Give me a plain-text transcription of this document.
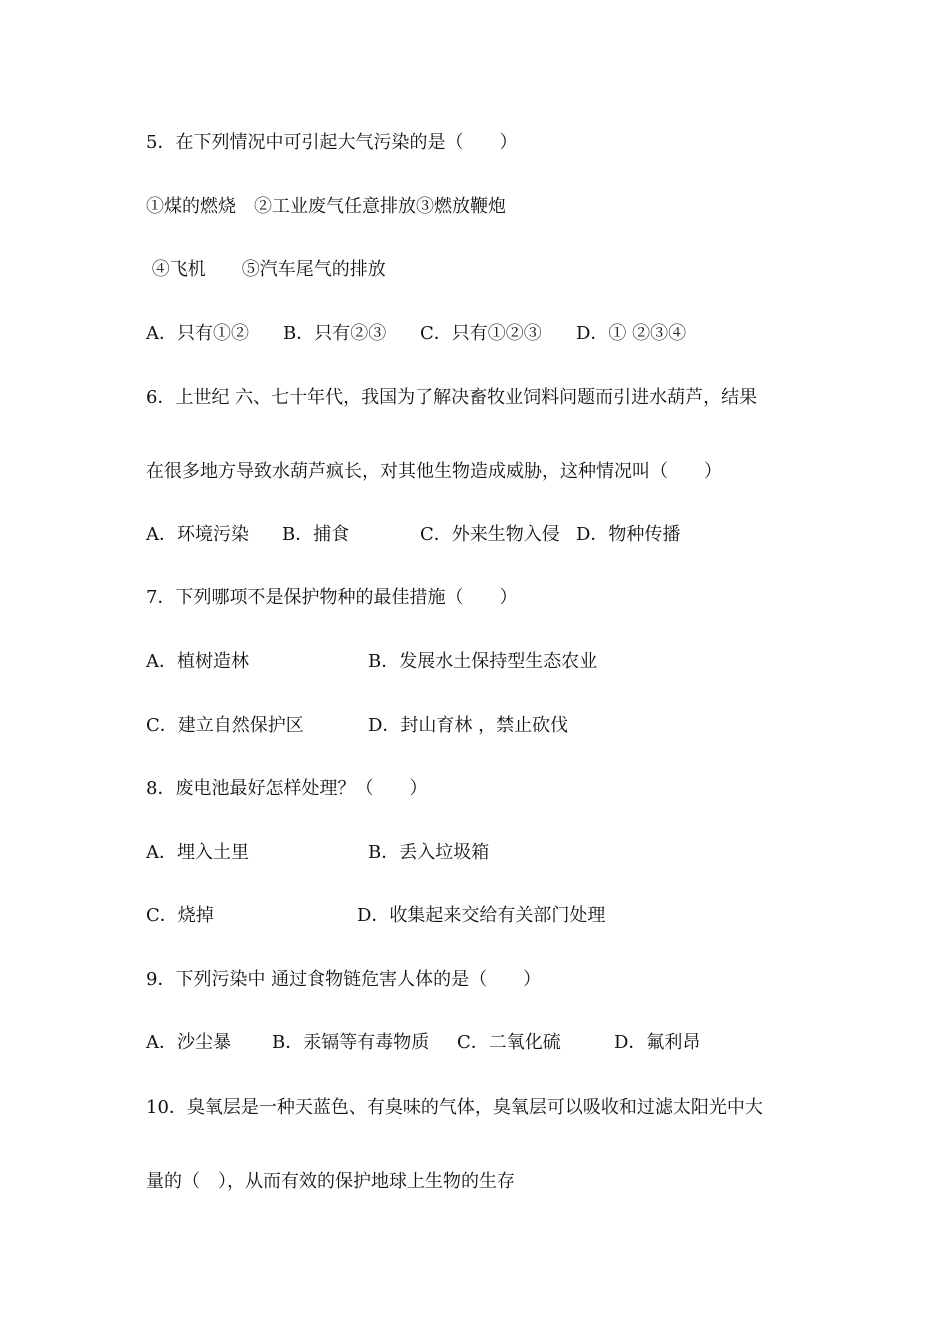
5．在下列情况中可引起大气污染的是（　　）

①煤的燃烧　②工业废气任意排放③燃放鞭炮

④飞机　　⑤汽车尾气的排放

A．只有①② B．只有②③ C．只有①②③ D．① ②③④

6．上世纪 六、七十年代，我国为了解决畜牧业饲料问题而引进水葫芦，结果

在很多地方导致水葫芦疯长，对其他生物造成威胁，这种情况叫（　　）

A．环境污染 B．捕食	C．外来生物入侵 D．物种传播

7．下列哪项不是保护物种的最佳措施（　　）

A．植树造林	B．发展水土保持型生态农业
C．建立自然保护区	D．封山育林 ，禁止砍伐

8．废电池最好怎样处理？（　　）

A．埋入土里	B．丢入垃圾箱
C．烧掉	D．收集起来交给有关部门处理

9．下列污染中 通过食物链危害人体的是（　　）

A．沙尘暴 B．汞镉等有毒物质 C．二氧化硫	D．氟利昂

10．臭氧层是一种天蓝色、有臭味的气体，臭氧层可以吸收和过滤太阳光中大

量的（　），从而有效的保护地球上生物的生存
